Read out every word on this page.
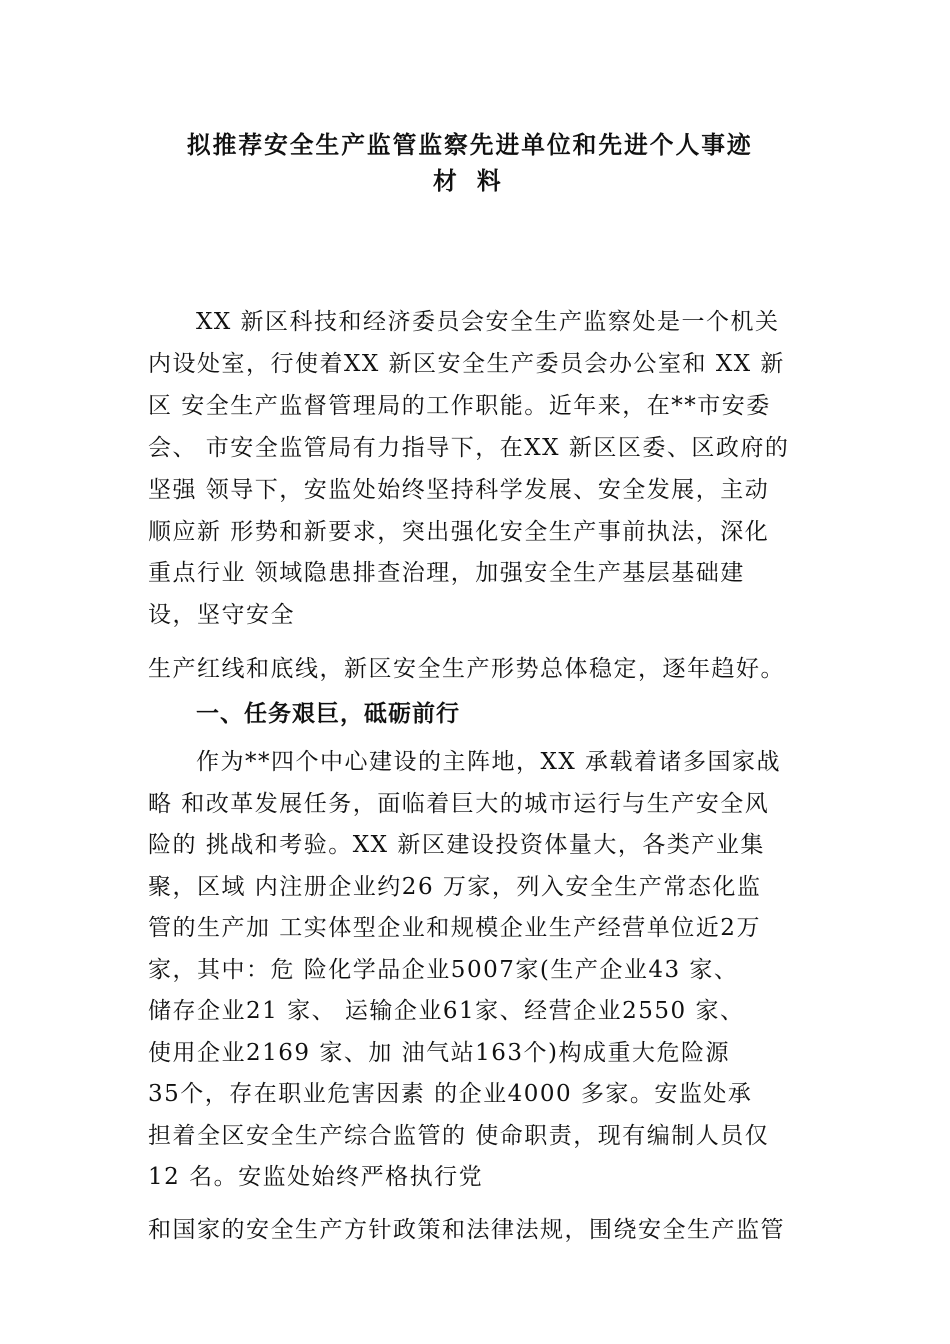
拟推荐安全生产监管监察先进单位和先进个人事迹
材 料
XX 新区科技和经济委员会安全生产监察处是一个机关
内设处室，行使着XX 新区安全生产委员会办公室和 XX 新
区 安全生产监督管理局的工作职能。近年来，在**市安委
会、 市安全监管局有力指导下，在XX 新区区委、区政府的
坚强 领导下，安监处始终坚持科学发展、安全发展，主动
顺应新 形势和新要求，突出强化安全生产事前执法，深化
重点行业 领域隐患排查治理，加强安全生产基层基础建
设，坚守安全
生产红线和底线，新区安全生产形势总体稳定，逐年趋好。
一、任务艰巨，砥砺前行
作为**四个中心建设的主阵地，XX 承载着诸多国家战
略 和改革发展任务，面临着巨大的城市运行与生产安全风
险的 挑战和考验。XX 新区建设投资体量大，各类产业集
聚，区域 内注册企业约26 万家，列入安全生产常态化监
管的生产加 工实体型企业和规模企业生产经营单位近2万
家，其中：危 险化学品企业5007家(生产企业43 家、
储存企业21 家、 运输企业61家、经营企业2550 家、
使用企业2169 家、加 油气站163个)构成重大危险源
35个，存在职业危害因素 的企业4000 多家。安监处承
担着全区安全生产综合监管的 使命职责，现有编制人员仅
12 名。安监处始终严格执行党
和国家的安全生产方针政策和法律法规，围绕安全生产监管
